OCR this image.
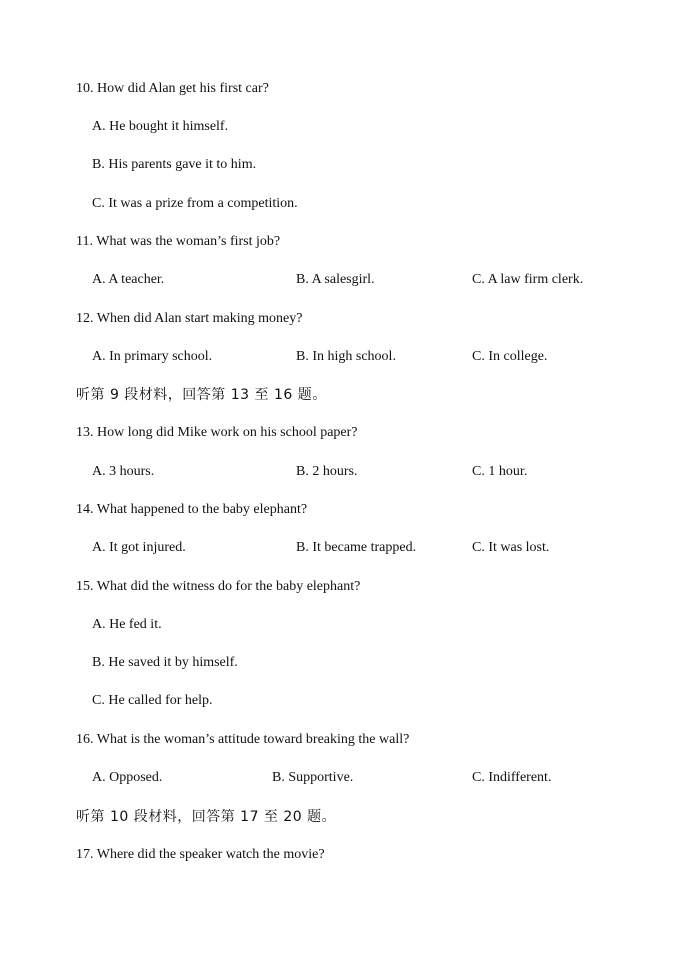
10. How did Alan get his first car?
A. He bought it himself.
B. His parents gave it to him.
C. It was a prize from a competition.
11. What was the woman’s first job?
A. A teacher.	B. A salesgirl.	C. A law firm clerk.
12. When did Alan start making money?
A. In primary school.	B. In high school.	C. In college.
听第 9 段材料，回答第 13 至 16 题。
13. How long did Mike work on his school paper?
A. 3 hours.	B. 2 hours.	C. 1 hour.
14. What happened to the baby elephant?
A. It got injured.	B. It became trapped.	C. It was lost.
15. What did the witness do for the baby elephant?
A. He fed it.
B. He saved it by himself.
C. He called for help.
16. What is the woman’s attitude toward breaking the wall?
A. Opposed.	B. Supportive.	C. Indifferent.
听第 10 段材料，回答第 17 至 20 题。
17. Where did the speaker watch the movie?
